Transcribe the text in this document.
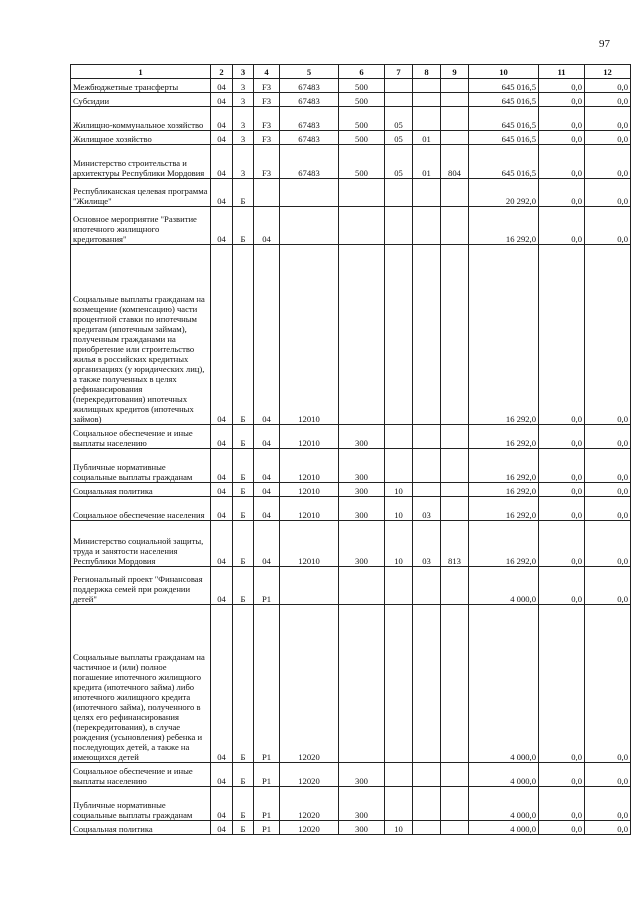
97
1	2	3	4	5	6	7	8	9	10	11	12
Межбюджетные трансферты	04	3	F3	67483	500				645 016,5	0,0	0,0
Субсидии	04	3	F3	67483	500				645 016,5	0,0	0,0
Жилищно-коммунальное хозяйство	04	3	F3	67483	500	05			645 016,5	0,0	0,0
Жилищное хозяйство	04	3	F3	67483	500	05	01		645 016,5	0,0	0,0
Министерство строительства и архитектуры Республики Мордовия	04	3	F3	67483	500	05	01	804	645 016,5	0,0	0,0
Республиканская целевая программа "Жилище"	04	Б							20 292,0	0,0	0,0
Основное мероприятие "Развитие ипотечного жилищного кредитования"	04	Б	04						16 292,0	0,0	0,0
Социальные выплаты гражданам на возмещение (компенсацию) части процентной ставки по ипотечным кредитам (ипотечным займам), полученным гражданами на приобретение или строительство жилья в российских кредитных организациях (у юридических лиц), а также полученных в целях рефинансирования (перекредитования) ипотечных жилищных кредитов (ипотечных займов)	04	Б	04	12010					16 292,0	0,0	0,0
Социальное обеспечение и иные выплаты населению	04	Б	04	12010	300				16 292,0	0,0	0,0
Публичные нормативные социальные выплаты гражданам	04	Б	04	12010	300				16 292,0	0,0	0,0
Социальная политика	04	Б	04	12010	300	10			16 292,0	0,0	0,0
Социальное обеспечение населения	04	Б	04	12010	300	10	03		16 292,0	0,0	0,0
Министерство социальной защиты, труда и занятости населения Республики Мордовия	04	Б	04	12010	300	10	03	813	16 292,0	0,0	0,0
Региональный проект "Финансовая поддержка семей при рождении детей"	04	Б	P1						4 000,0	0,0	0,0
Социальные выплаты гражданам на частичное и (или) полное погашение ипотечного жилищного кредита (ипотечного займа) либо ипотечного жилищного кредита (ипотечного займа), полученного в целях его рефинансирования (перекредитования), в случае рождения (усыновления) ребенка и последующих детей, а также на имеющихся детей	04	Б	P1	12020					4 000,0	0,0	0,0
Социальное обеспечение и иные выплаты населению	04	Б	P1	12020	300				4 000,0	0,0	0,0
Публичные нормативные социальные выплаты гражданам	04	Б	P1	12020	300				4 000,0	0,0	0,0
Социальная политика	04	Б	P1	12020	300	10			4 000,0	0,0	0,0
